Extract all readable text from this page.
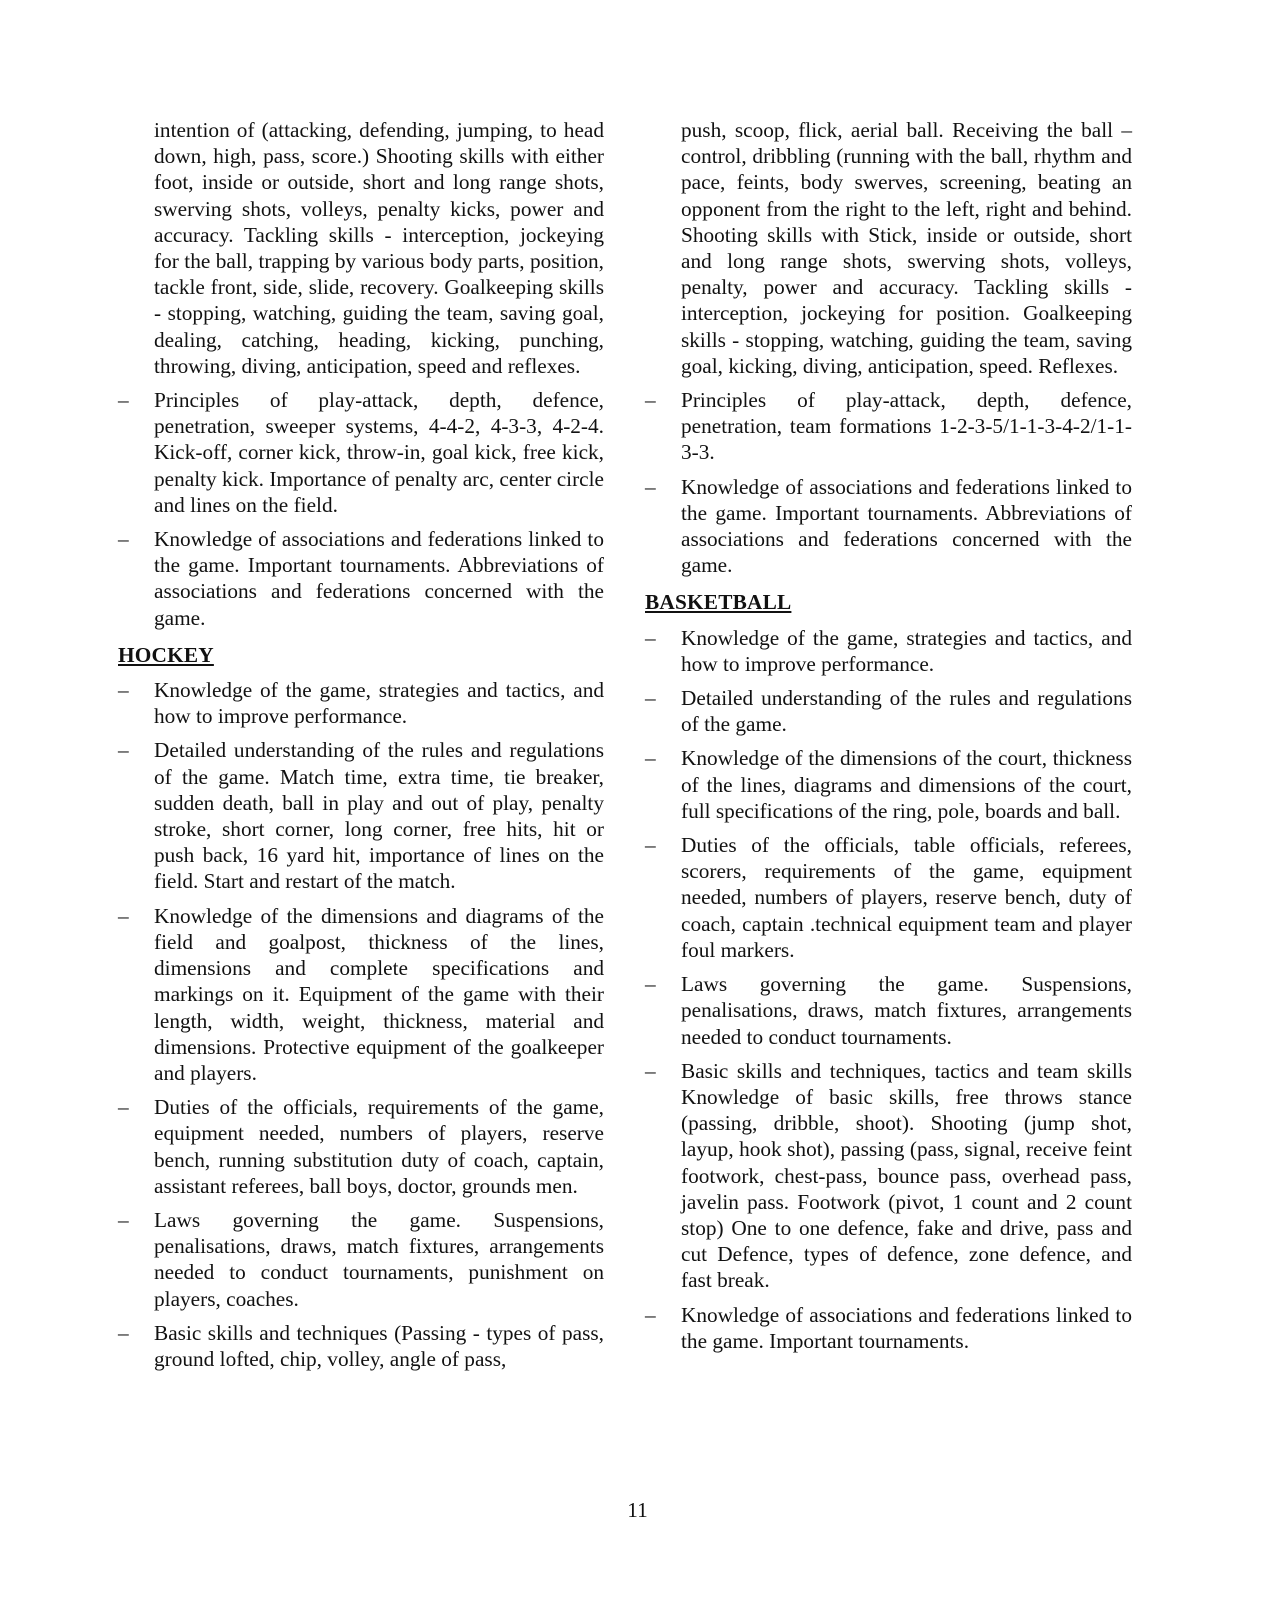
intention of (attacking, defending, jumping, to head down, high, pass, score.) Shooting skills with either foot, inside or outside, short and long range shots, swerving shots, volleys, penalty kicks, power and accuracy. Tackling skills - interception, jockeying for the ball, trapping by various body parts, position, tackle front, side, slide, recovery. Goalkeeping skills - stopping, watching, guiding the team, saving goal, dealing, catching, heading, kicking, punching, throwing, diving, anticipation, speed and reflexes.

–	Principles of play-attack, depth, defence, penetration, sweeper systems, 4-4-2, 4-3-3, 4-2-4. Kick-off, corner kick, throw-in, goal kick, free kick, penalty kick. Importance of penalty arc, center circle and lines on the field.
–	Knowledge of associations and federations linked to the game. Important tournaments. Abbreviations of associations and federations concerned with the game.
HOCKEY
–	Knowledge of the game, strategies and tactics, and how to improve performance.
–	Detailed understanding of the rules and regulations of the game. Match time, extra time, tie breaker, sudden death, ball in play and out of play, penalty stroke, short corner, long corner, free hits, hit or push back, 16 yard hit, importance of lines on the field. Start and restart of the match.
–	Knowledge of the dimensions and diagrams of the field and goalpost, thickness of the lines, dimensions and complete specifications and markings on it. Equipment of the game with their length, width, weight, thickness, material and dimensions. Protective equipment of the goalkeeper and players.
–	Duties of the officials, requirements of the game, equipment needed, numbers of players, reserve bench, running substitution duty of coach, captain, assistant referees, ball boys, doctor, grounds men.
–	Laws governing the game. Suspensions, penalisations, draws, match fixtures, arrangements needed to conduct tournaments, punishment on players, coaches.
–	Basic skills and techniques (Passing - types of pass, ground lofted, chip, volley, angle of pass,

push, scoop, flick, aerial ball. Receiving the ball – control, dribbling (running with the ball, rhythm and pace, feints, body swerves, screening, beating an opponent from the right to the left, right and behind. Shooting skills with Stick, inside or outside, short and long range shots, swerving shots, volleys, penalty, power and accuracy. Tackling skills - interception, jockeying for position. Goalkeeping skills - stopping, watching, guiding the team, saving goal, kicking, diving, anticipation, speed. Reflexes.

–	Principles of play-attack, depth, defence, penetration, team formations 1-2-3-5/1-1-3-4-2/1-1-3-3.
–	Knowledge of associations and federations linked to the game. Important tournaments. Abbreviations of associations and federations concerned with the game.
BASKETBALL
–	Knowledge of the game, strategies and tactics, and how to improve performance.
–	Detailed understanding of the rules and regulations of the game.
–	Knowledge of the dimensions of the court, thickness of the lines, diagrams and dimensions of the court, full specifications of the ring, pole, boards and ball.
–	Duties of the officials, table officials, referees, scorers, requirements of the game, equipment needed, numbers of players, reserve bench, duty of coach, captain .technical equipment team and player foul markers.
–	Laws governing the game. Suspensions, penalisations, draws, match fixtures, arrangements needed to conduct tournaments.
–	Basic skills and techniques, tactics and team skills Knowledge of basic skills, free throws stance (passing, dribble, shoot). Shooting (jump shot, layup, hook shot), passing (pass, signal, receive feint footwork, chest-pass, bounce pass, overhead pass, javelin pass. Footwork (pivot, 1 count and 2 count stop) One to one defence, fake and drive, pass and cut Defence, types of defence, zone defence, and fast break.
–	Knowledge of associations and federations linked to the game. Important tournaments.
11
